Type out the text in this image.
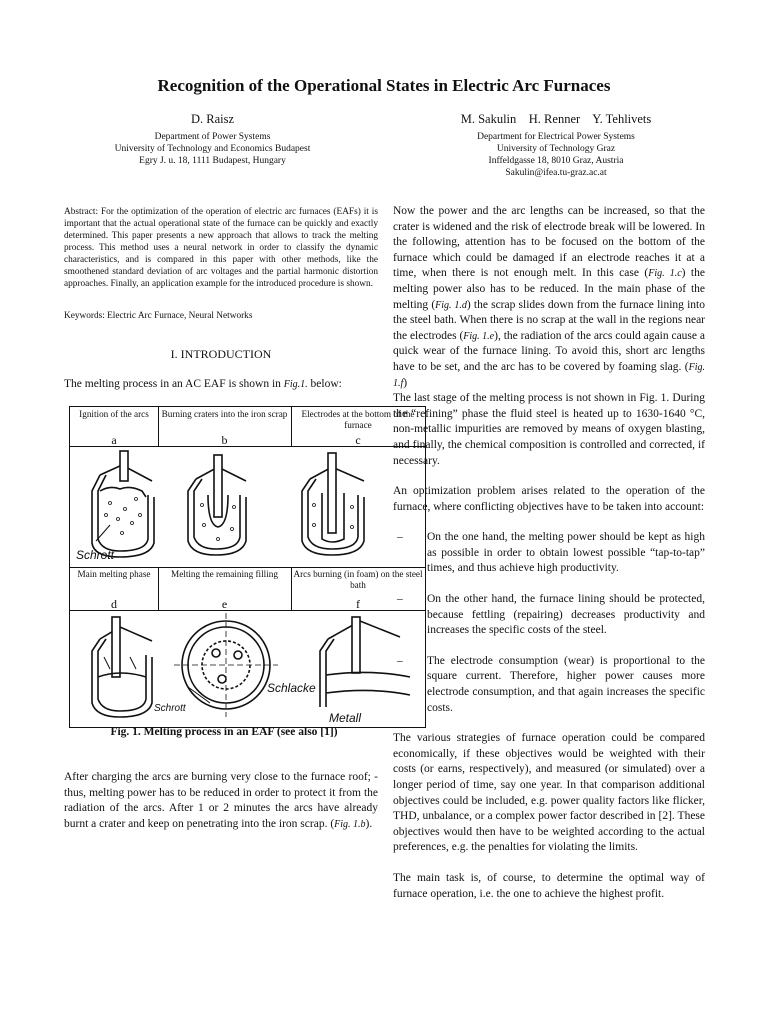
Recognition of the Operational States in Electric Arc Furnaces
D. Raisz
Department of Power Systems
University of Technology and Economics Budapest
Egry J. u. 18, 1111 Budapest, Hungary
M. Sakulin    H. Renner    Y. Tehlivets
Department for Electrical Power Systems
University of Technology Graz
Inffeldgasse 18, 8010 Graz, Austria
Sakulin@ifea.tu-graz.ac.at
Abstract: For the optimization of the operation of electric arc furnaces (EAFs) it is important that the actual operational state of the furnace can be quickly and exactly determined. This paper presents a new approach that allows to track the melting process. This method uses a neural network in order to classify the dynamic characteristics, and is compared in this paper with other methods, like the smoothened standard deviation of arc voltages and the partial harmonic distortion approaches. Finally, an application example for the introduced procedure is shown.
Keywords: Electric Arc Furnace, Neural Networks
I. INTRODUCTION

The melting process in an AC EAF is shown in Fig.1. below:

Ignition of the arcs	Burning craters into the iron scrap	Electrodes at the bottom of the furnace
a	b	c
Main melting phase	Melting the remaining filling	Arcs burning (in foam) on the steel bath
d	e	f
Schrott
Schlacke
Schrott
Metall
Fig. 1. Melting process in an EAF (see also [1])

After charging the arcs are burning very close to the furnace roof; - thus, melting power has to be reduced in order to protect it from the radiation of the arcs. After 1 or 2 minutes the arcs have already burnt a crater and keep on penetrating into the iron scrap. (Fig. 1.b).

Now the power and the arc lengths can be increased, so that the crater is widened and the risk of electrode break will be lowered. In the following, attention has to be focused on the bottom of the furnace which could be damaged if an electrode reaches it at a time, when there is not enough melt. In this case (Fig. 1.c) the melting power also has to be reduced. In the main phase of the melting (Fig. 1.d) the scrap slides down from the furnace lining into the steel bath. When there is no scrap at the wall in the regions near the electrodes (Fig. 1.e), the radiation of the arcs could again cause a quick wear of the furnace lining. To avoid this, short arc lengths have to be set, and the arc has to be covered by foaming slag. (Fig. 1.f)

The last stage of the melting process is not shown in Fig. 1. During the “refining” phase the fluid steel is heated up to 1630-1640 °C, non-metallic impurities are removed by means of oxygen blasting, and finally, the chemical composition is controlled and corrected, if necessary.

An optimization problem arises related to the operation of the furnace, where conflicting objectives have to be taken into account:

–	On the one hand, the melting power should be kept as high as possible in order to obtain lowest possible “tap-to-tap” times, and thus achieve high productivity.
–	On the other hand, the furnace lining should be protected, because fettling (repairing) decreases productivity and increases the specific costs of the steel.
–	The electrode consumption (wear) is proportional to the square current. Therefore, higher power causes more electrode consumption, and that again increases the specific costs.

The various strategies of furnace operation could be compared economically, if these objectives would be weighted with their costs (or earns, respectively), and measured (or simulated) over a longer period of time, say one year. In that comparison additional objectives could be included, e.g. power quality factors like flicker, THD, unbalance, or a complex power factor described in [2]. These objectives would then have to be weighted according to the actual preferences, e.g. the penalties for violating the limits.

The main task is, of course, to determine the optimal way of furnace operation, i.e. the one to achieve the highest profit.
